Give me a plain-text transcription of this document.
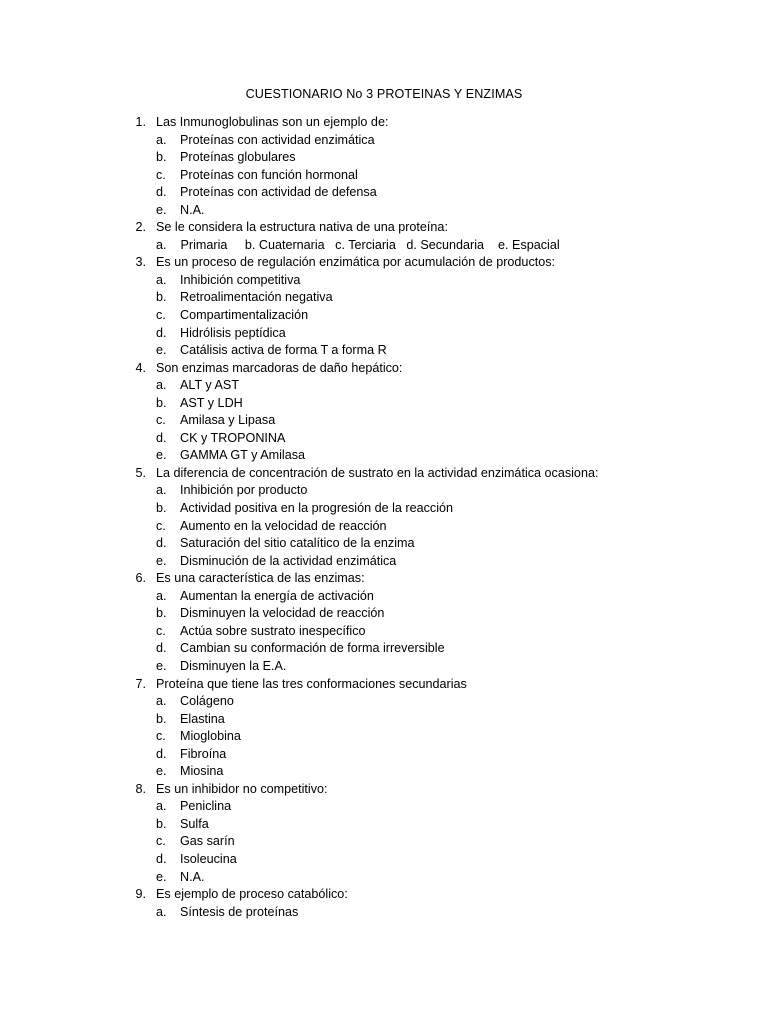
CUESTIONARIO No 3 PROTEINAS Y ENZIMAS
1. Las Inmunoglobulinas son un ejemplo de:
a. Proteínas con actividad enzimática
b. Proteínas globulares
c. Proteínas con función hormonal
d. Proteínas con actividad de defensa
e. N.A.
2. Se le considera la estructura nativa de una proteína:
a.    Primaria     b. Cuaternaria   c. Terciaria   d. Secundaria    e. Espacial
3. Es un proceso de regulación enzimática por acumulación de productos:
a. Inhibición competitiva
b. Retroalimentación negativa
c. Compartimentalización
d. Hidrólisis peptídica
e. Catálisis activa de forma T a forma R
4. Son enzimas marcadoras de daño hepático:
a. ALT y AST
b. AST y LDH
c. Amilasa y Lipasa
d. CK y TROPONINA
e. GAMMA GT y Amilasa
5. La diferencia de concentración de sustrato en la actividad enzimática ocasiona:
a. Inhibición por producto
b. Actividad positiva en la progresión de la reacción
c. Aumento en la velocidad de reacción
d. Saturación del sitio catalítico de la enzima
e. Disminución de la actividad enzimática
6. Es una característica de las enzimas:
a. Aumentan la energía de activación
b. Disminuyen la velocidad de reacción
c. Actúa sobre sustrato inespecífico
d. Cambian su conformación de forma irreversible
e. Disminuyen la E.A.
7. Proteína que tiene las tres conformaciones secundarias
a. Colágeno
b. Elastina
c. Mioglobina
d. Fibroína
e. Miosina
8. Es un inhibidor no competitivo:
a. Peniclina
b. Sulfa
c. Gas sarín
d. Isoleucina
e. N.A.
9. Es ejemplo de proceso catabólico:
a. Síntesis de proteínas
